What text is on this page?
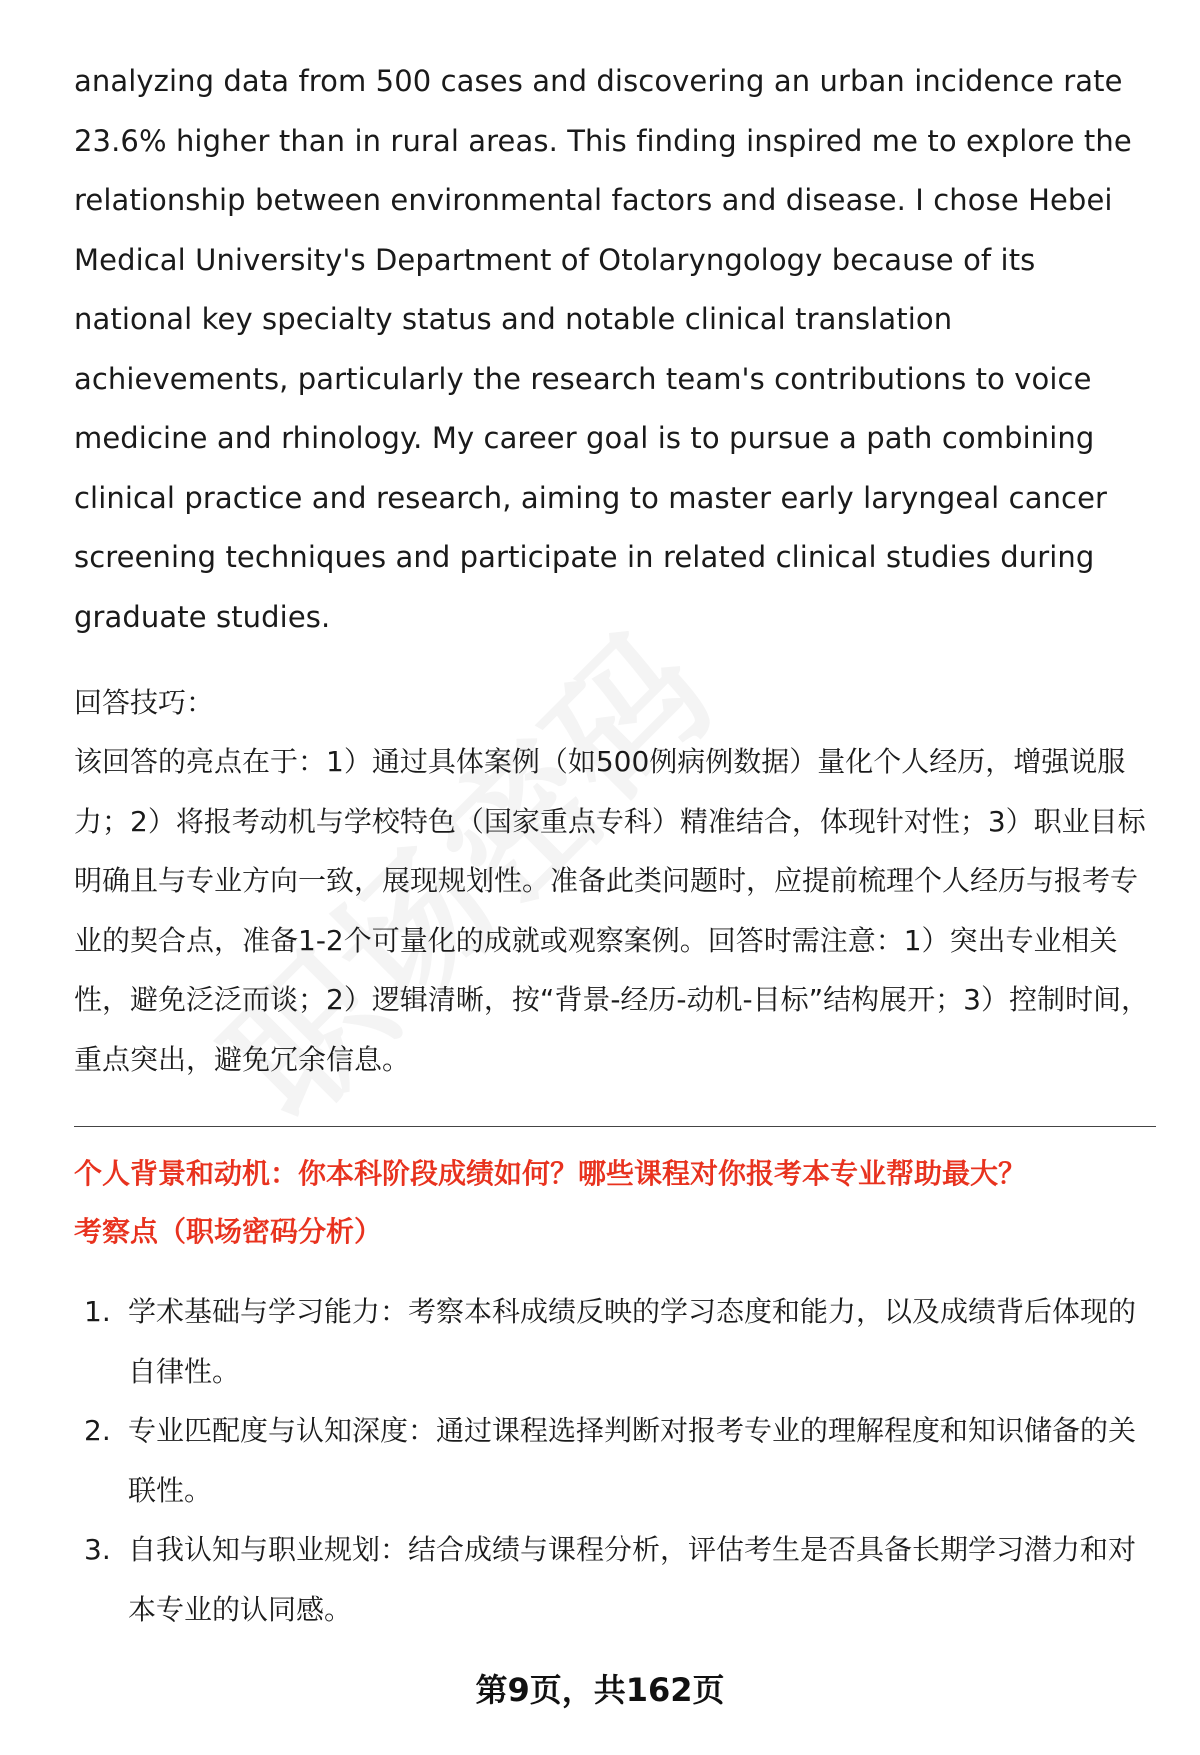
analyzing data from 500 cases and discovering an urban incidence rate 23.6% higher than in rural areas. This finding inspired me to explore the relationship between environmental factors and disease. I chose Hebei Medical University's Department of Otolaryngology because of its national key specialty status and notable clinical translation achievements, particularly the research team's contributions to voice medicine and rhinology. My career goal is to pursue a path combining clinical practice and research, aiming to master early laryngeal cancer screening techniques and participate in related clinical studies during graduate studies.

回答技巧：

该回答的亮点在于：1）通过具体案例（如500例病例数据）量化个人经历，增强说服力；2）将报考动机与学校特色（国家重点专科）精准结合，体现针对性；3）职业目标明确且与专业方向一致，展现规划性。准备此类问题时，应提前梳理个人经历与报考专业的契合点，准备1-2个可量化的成就或观察案例。回答时需注意：1）突出专业相关性，避免泛泛而谈；2）逻辑清晰，按“背景-经历-动机-目标”结构展开；3）控制时间，重点突出，避免冗余信息。

个人背景和动机：你本科阶段成绩如何？哪些课程对你报考本专业帮助最大？
考察点（职场密码分析）
1. 学术基础与学习能力：考察本科成绩反映的学习态度和能力，以及成绩背后体现的自律性。
2. 专业匹配度与认知深度：通过课程选择判断对报考专业的理解程度和知识储备的关联性。
3. 自我认知与职业规划：结合成绩与课程分析，评估考生是否具备长期学习潜力和对本专业的认同感。
第9页，共162页
